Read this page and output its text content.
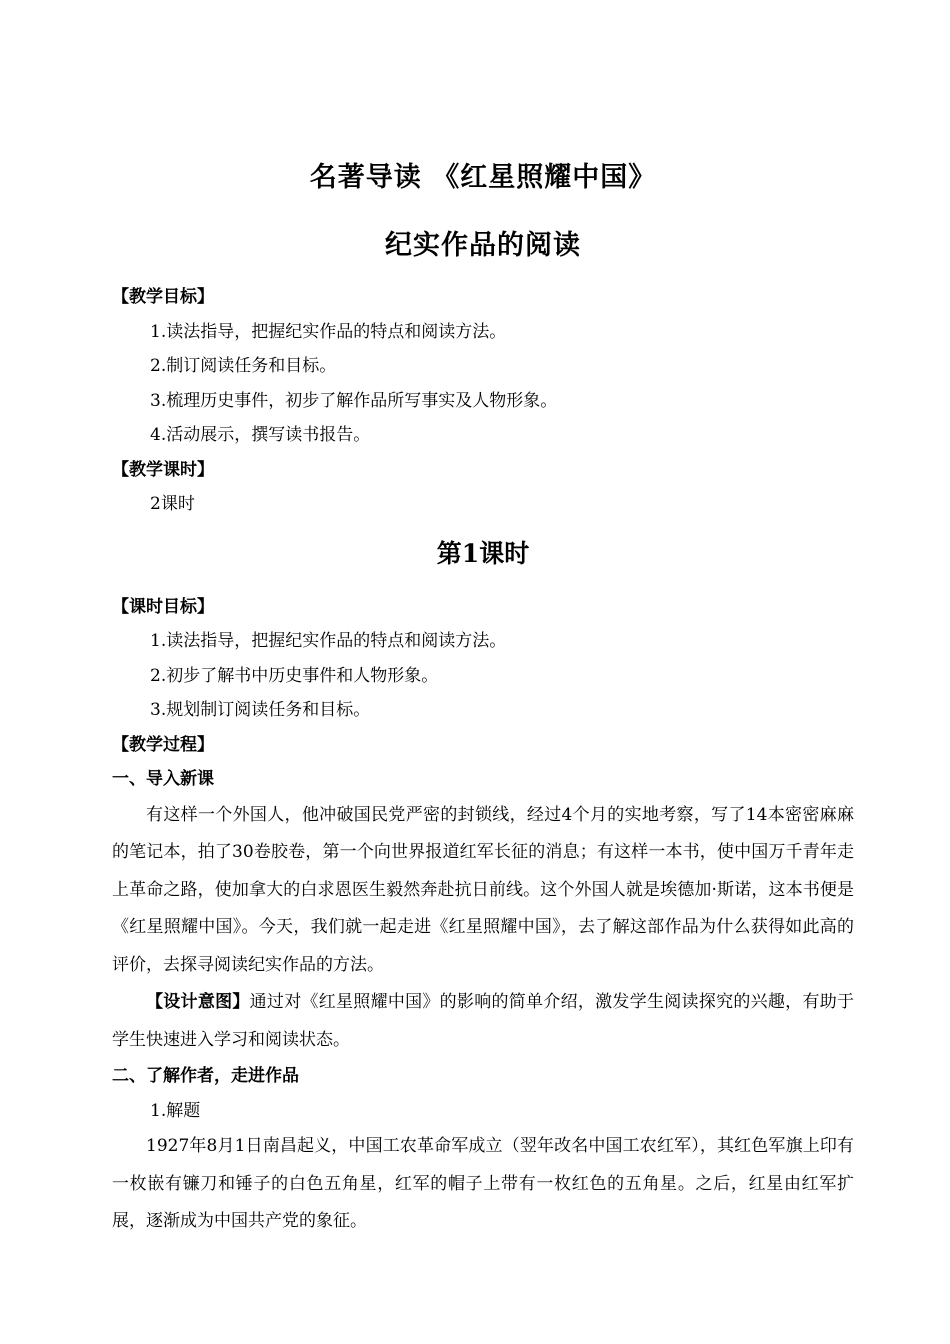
名著导读 《红星照耀中国》
纪实作品的阅读

【教学目标】

1.读法指导，把握纪实作品的特点和阅读方法。

2.制订阅读任务和目标。

3.梳理历史事件，初步了解作品所写事实及人物形象。

4.活动展示，撰写读书报告。

【教学课时】

2课时

第1课时

【课时目标】

1.读法指导，把握纪实作品的特点和阅读方法。

2.初步了解书中历史事件和人物形象。

3.规划制订阅读任务和目标。

【教学过程】

一、导入新课

有这样一个外国人，他冲破国民党严密的封锁线，经过4个月的实地考察，写了14本密密麻麻的笔记本，拍了30卷胶卷，第一个向世界报道红军长征的消息；有这样一本书，使中国万千青年走上革命之路，使加拿大的白求恩医生毅然奔赴抗日前线。这个外国人就是埃德加·斯诺，这本书便是《红星照耀中国》。今天，我们就一起走进《红星照耀中国》，去了解这部作品为什么获得如此高的评价，去探寻阅读纪实作品的方法。

【设计意图】通过对《红星照耀中国》的影响的简单介绍，激发学生阅读探究的兴趣，有助于学生快速进入学习和阅读状态。

二、了解作者，走进作品

1.解题

1927年8月1日南昌起义，中国工农革命军成立（翌年改名中国工农红军），其红色军旗上印有一枚嵌有镰刀和锤子的白色五角星，红军的帽子上带有一枚红色的五角星。之后，红星由红军扩展，逐渐成为中国共产党的象征。
